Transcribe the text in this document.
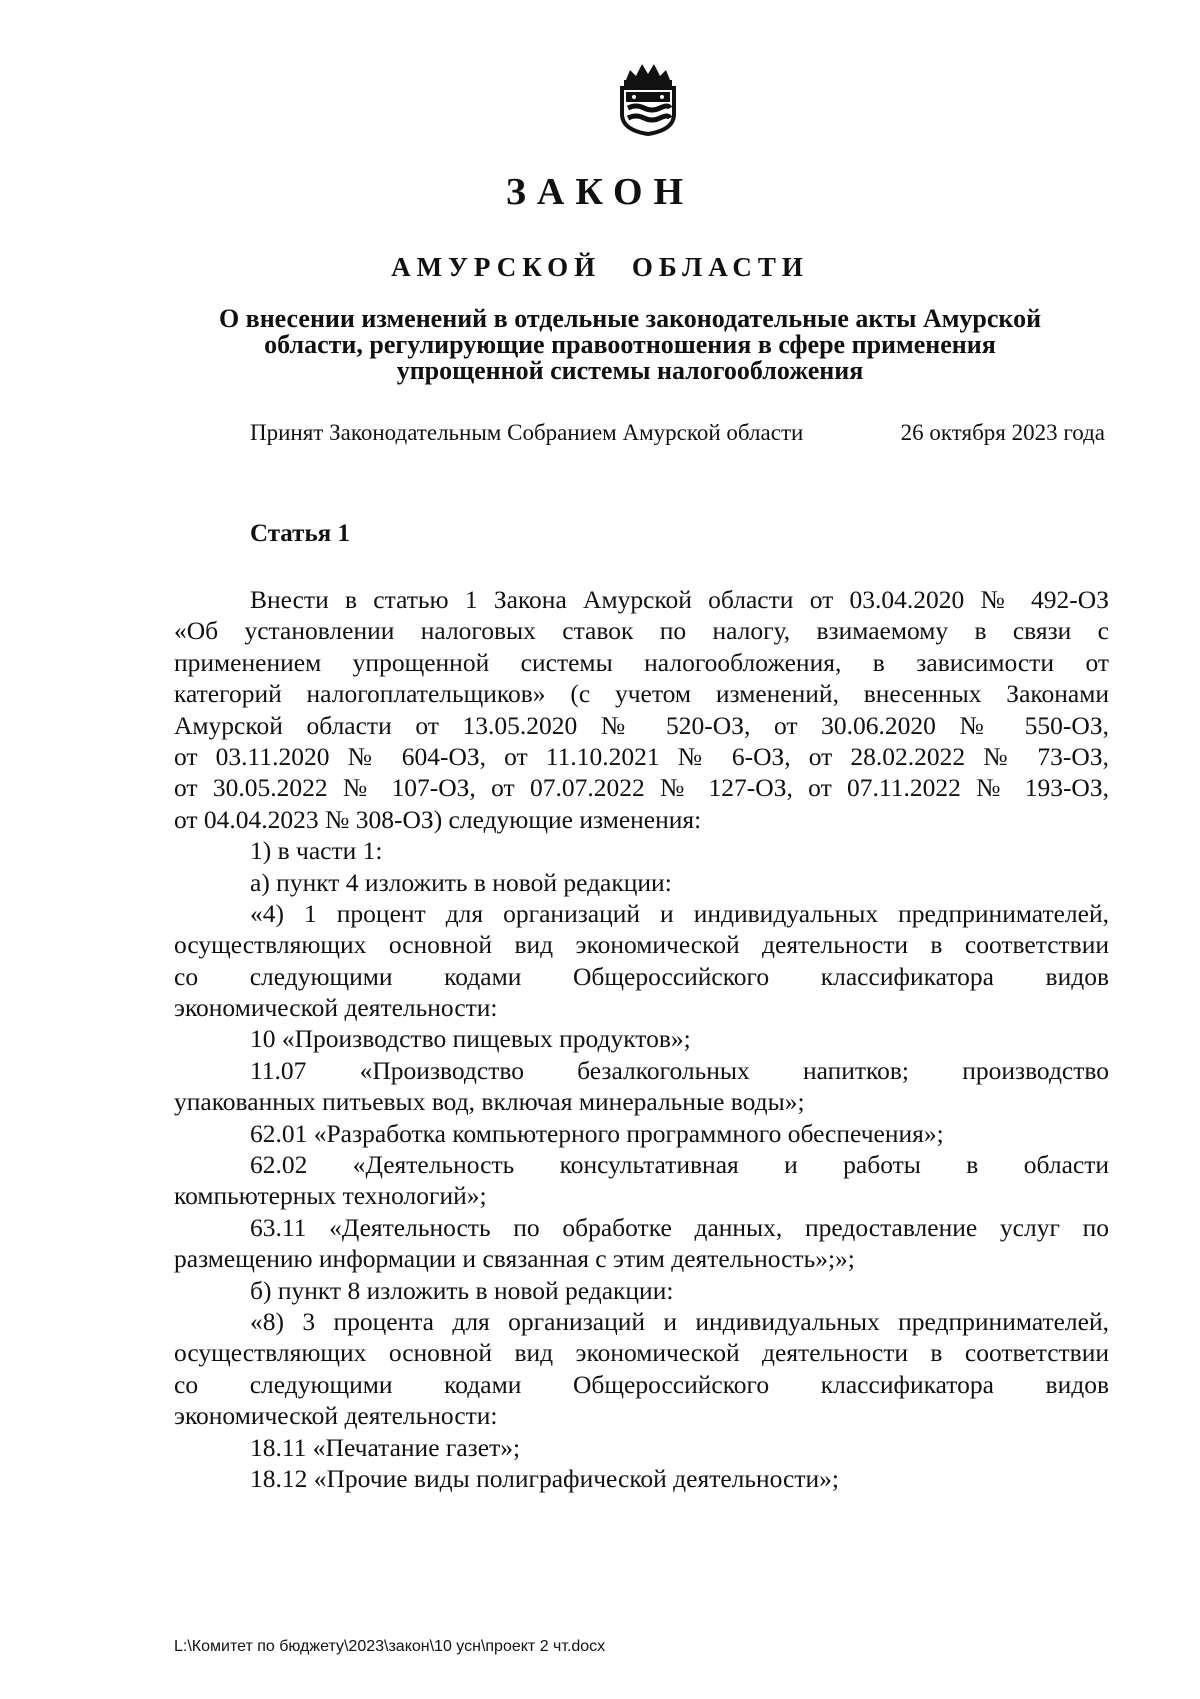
ЗАКОН
АМУРСКОЙ ОБЛАСТИ
О внесении изменений в отдельные законодательные акты Амурской
области, регулирующие правоотношения в сфере применения
упрощенной системы налогообложения
Принят Законодательным Собранием Амурской области	26 октября 2023 года
Статья 1
Внести в статью 1 Закона Амурской области от 03.04.2020 № 492-ОЗ
«Об установлении налоговых ставок по налогу, взимаемому в связи с
применением упрощенной системы налогообложения, в зависимости от
категорий налогоплательщиков» (с учетом изменений, внесенных Законами
Амурской области от 13.05.2020 № 520-ОЗ, от 30.06.2020 № 550-ОЗ,
от 03.11.2020 № 604-ОЗ, от 11.10.2021 № 6-ОЗ, от 28.02.2022 № 73-ОЗ,
от 30.05.2022 № 107-ОЗ, от 07.07.2022 № 127-ОЗ, от 07.11.2022 № 193-ОЗ,
от 04.04.2023 № 308-ОЗ) следующие изменения:
1) в части 1:
а) пункт 4 изложить в новой редакции:
«4) 1 процент для организаций и индивидуальных предпринимателей,
осуществляющих основной вид экономической деятельности в соответствии
со следующими кодами Общероссийского классификатора видов
экономической деятельности:
10 «Производство пищевых продуктов»;
11.07 «Производство безалкогольных напитков; производство
упакованных питьевых вод, включая минеральные воды»;
62.01 «Разработка компьютерного программного обеспечения»;
62.02 «Деятельность консультативная и работы в области
компьютерных технологий»;
63.11 «Деятельность по обработке данных, предоставление услуг по
размещению информации и связанная с этим деятельность»;»;
б) пункт 8 изложить в новой редакции:
«8) 3 процента для организаций и индивидуальных предпринимателей,
осуществляющих основной вид экономической деятельности в соответствии
со следующими кодами Общероссийского классификатора видов
экономической деятельности:
18.11 «Печатание газет»;
18.12 «Прочие виды полиграфической деятельности»;
L:\Комитет по бюджету\2023\закон\10 усн\проект 2 чт.docx
